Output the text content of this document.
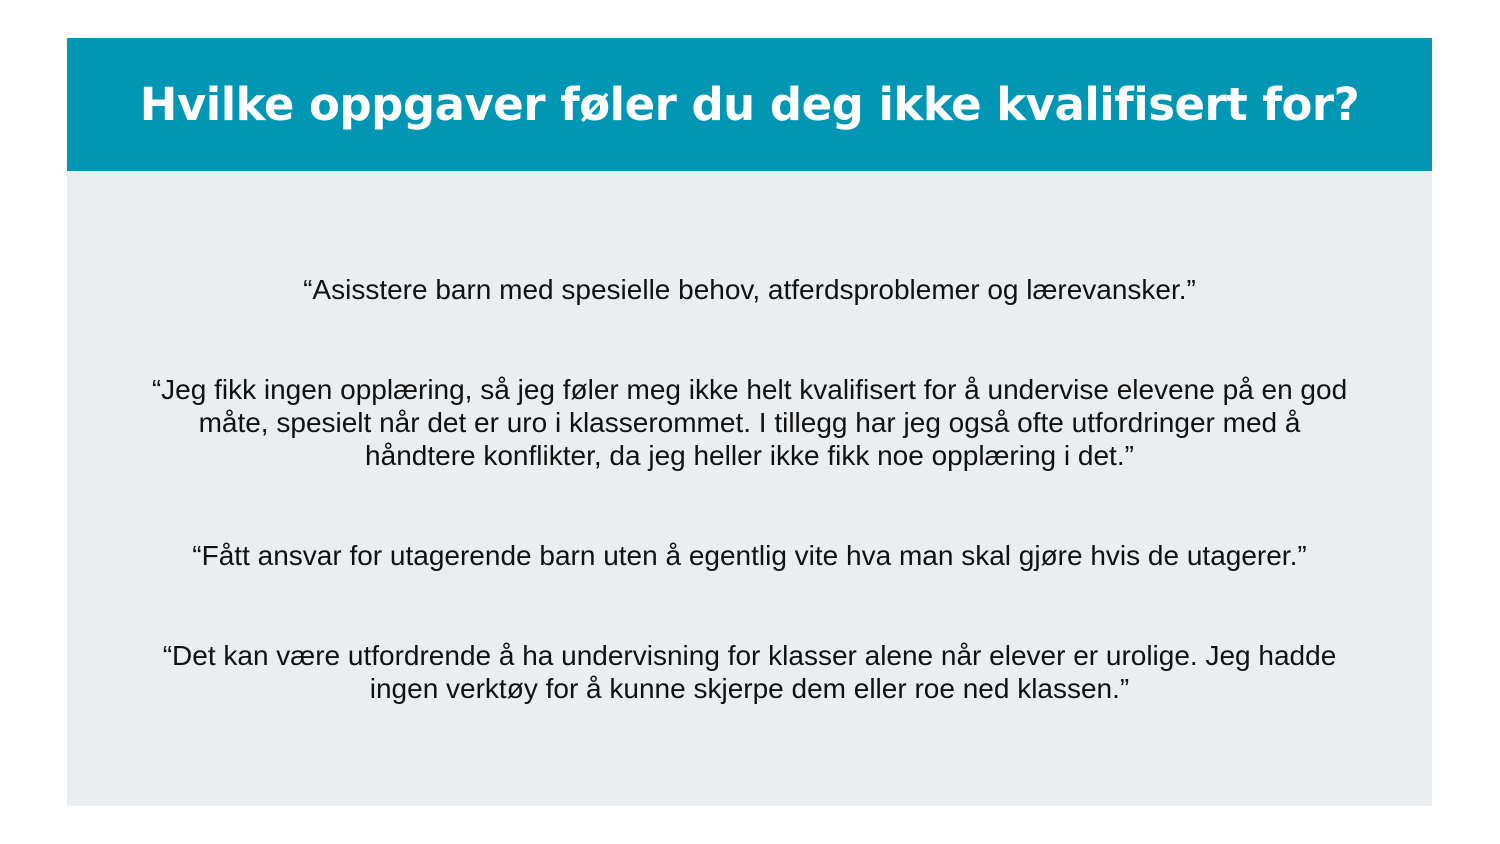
Hvilke oppgaver føler du deg ikke kvalifisert for?

“Asisstere barn med spesielle behov, atferdsproblemer og lærevansker.”

“Jeg fikk ingen opplæring, så jeg føler meg ikke helt kvalifisert for å undervise elevene på en god
måte, spesielt når det er uro i klasserommet. I tillegg har jeg også ofte utfordringer med å
håndtere konflikter, da jeg heller ikke fikk noe opplæring i det.”

“Fått ansvar for utagerende barn uten å egentlig vite hva man skal gjøre hvis de utagerer.”

“Det kan være utfordrende å ha undervisning for klasser alene når elever er urolige. Jeg hadde
ingen verktøy for å kunne skjerpe dem eller roe ned klassen.”
